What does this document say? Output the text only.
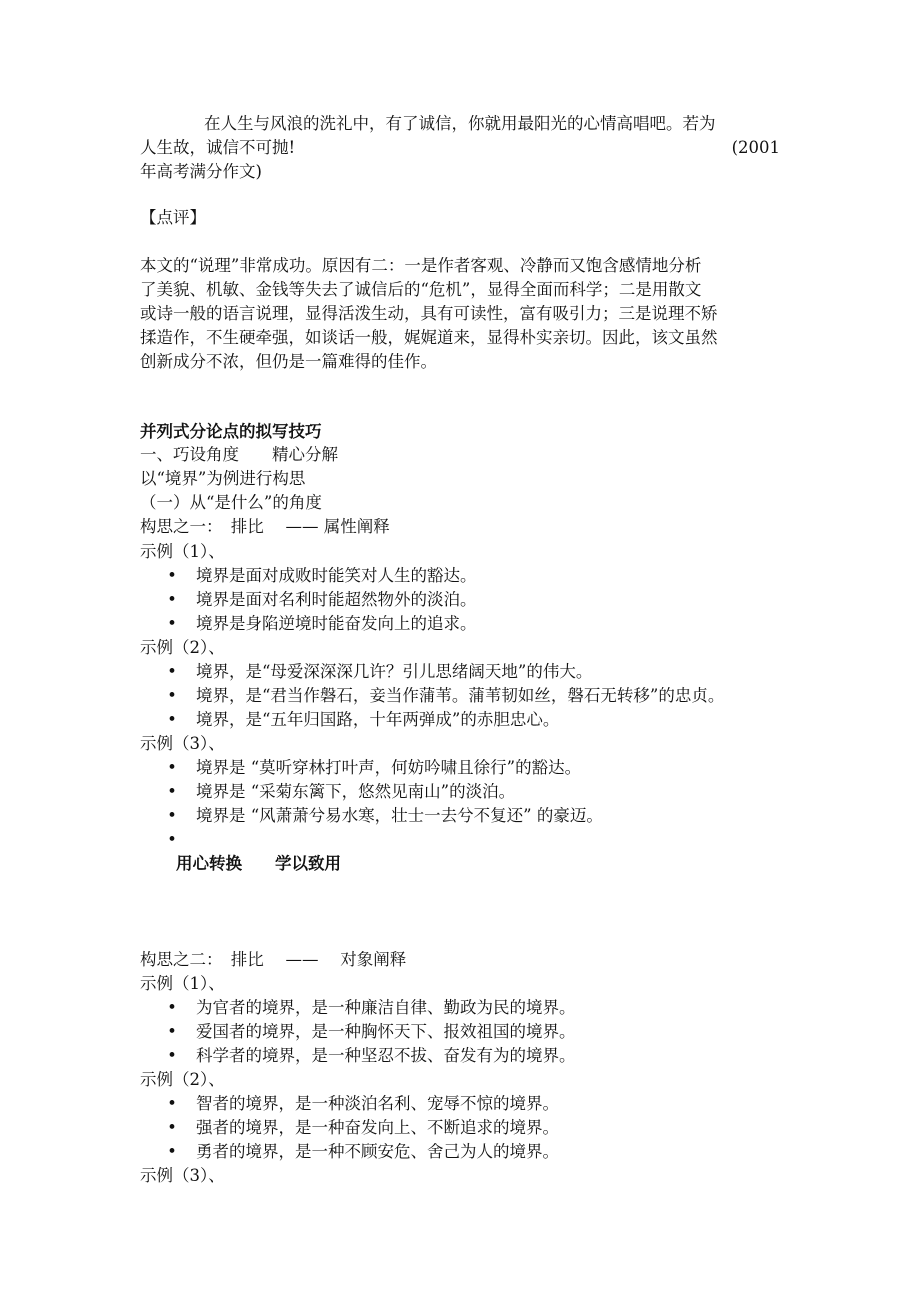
在人生与风浪的洗礼中，有了诚信，你就用最阳光的心情高唱吧。若为
人生故，诚信不可抛!	(2001
年高考满分作文)
【点评】
本文的“说理”非常成功。原因有二：一是作者客观、冷静而又饱含感情地分析
了美貌、机敏、金钱等失去了诚信后的“危机”，显得全面而科学；二是用散文
或诗一般的语言说理，显得活泼生动，具有可读性，富有吸引力；三是说理不矫
揉造作，不生硬牵强，如谈话一般，娓娓道来，显得朴实亲切。因此，该文虽然
创新成分不浓，但仍是一篇难得的佳作。
并列式分论点的拟写技巧
一、巧设角度　　精心分解
以“境界”为例进行构思
（一）从“是什么”的角度
构思之一：　排比　 —— 属性阐释
示例（1）、
• 境界是面对成败时能笑对人生的豁达。
• 境界是面对名利时能超然物外的淡泊。
• 境界是身陷逆境时能奋发向上的追求。
示例（2）、
• 境界，是“母爱深深深几许？引儿思绪阔天地”的伟大。
• 境界，是“君当作磐石，妾当作蒲苇。蒲苇韧如丝，磐石无转移”的忠贞。
• 境界，是“五年归国路，十年两弹成”的赤胆忠心。
示例（3）、
• 境界是 “莫听穿林打叶声，何妨吟啸且徐行”的豁达。
• 境界是 “采菊东篱下，悠然见南山”的淡泊。
• 境界是 “风萧萧兮易水寒，壮士一去兮不复还” 的豪迈。
•
用心转换　　学以致用
构思之二：　排比　 ——　 对象阐释
示例（1）、
• 为官者的境界，是一种廉洁自律、勤政为民的境界。
• 爱国者的境界，是一种胸怀天下、报效祖国的境界。
• 科学者的境界，是一种坚忍不拔、奋发有为的境界。
示例（2）、
• 智者的境界，是一种淡泊名利、宠辱不惊的境界。
• 强者的境界，是一种奋发向上、不断追求的境界。
• 勇者的境界，是一种不顾安危、舍己为人的境界。
示例（3）、
